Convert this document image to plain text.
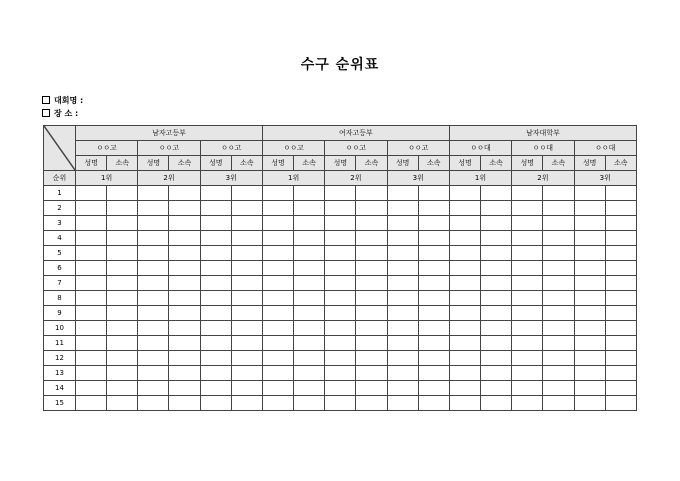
수구 순위표
대회명 :
장 소 :
	남자고등부						여자고등부						남자대학부					
	ㅇㅇ고		ㅇㅇ고		ㅇㅇ고		ㅇㅇ고		ㅇㅇ고		ㅇㅇ고		ㅇㅇ대		ㅇㅇ대		ㅇㅇ대	
	성명	소속	성명	소속	성명	소속	성명	소속	성명	소속	성명	소속	성명	소속	성명	소속	성명	소속
순위	1위		2위		3위		1위		2위		3위		1위		2위		3위	
1																		
2																		
3																		
4																		
5																		
6																		
7																		
8																		
9																		
10																		
11																		
12																		
13																		
14																		
15																		
